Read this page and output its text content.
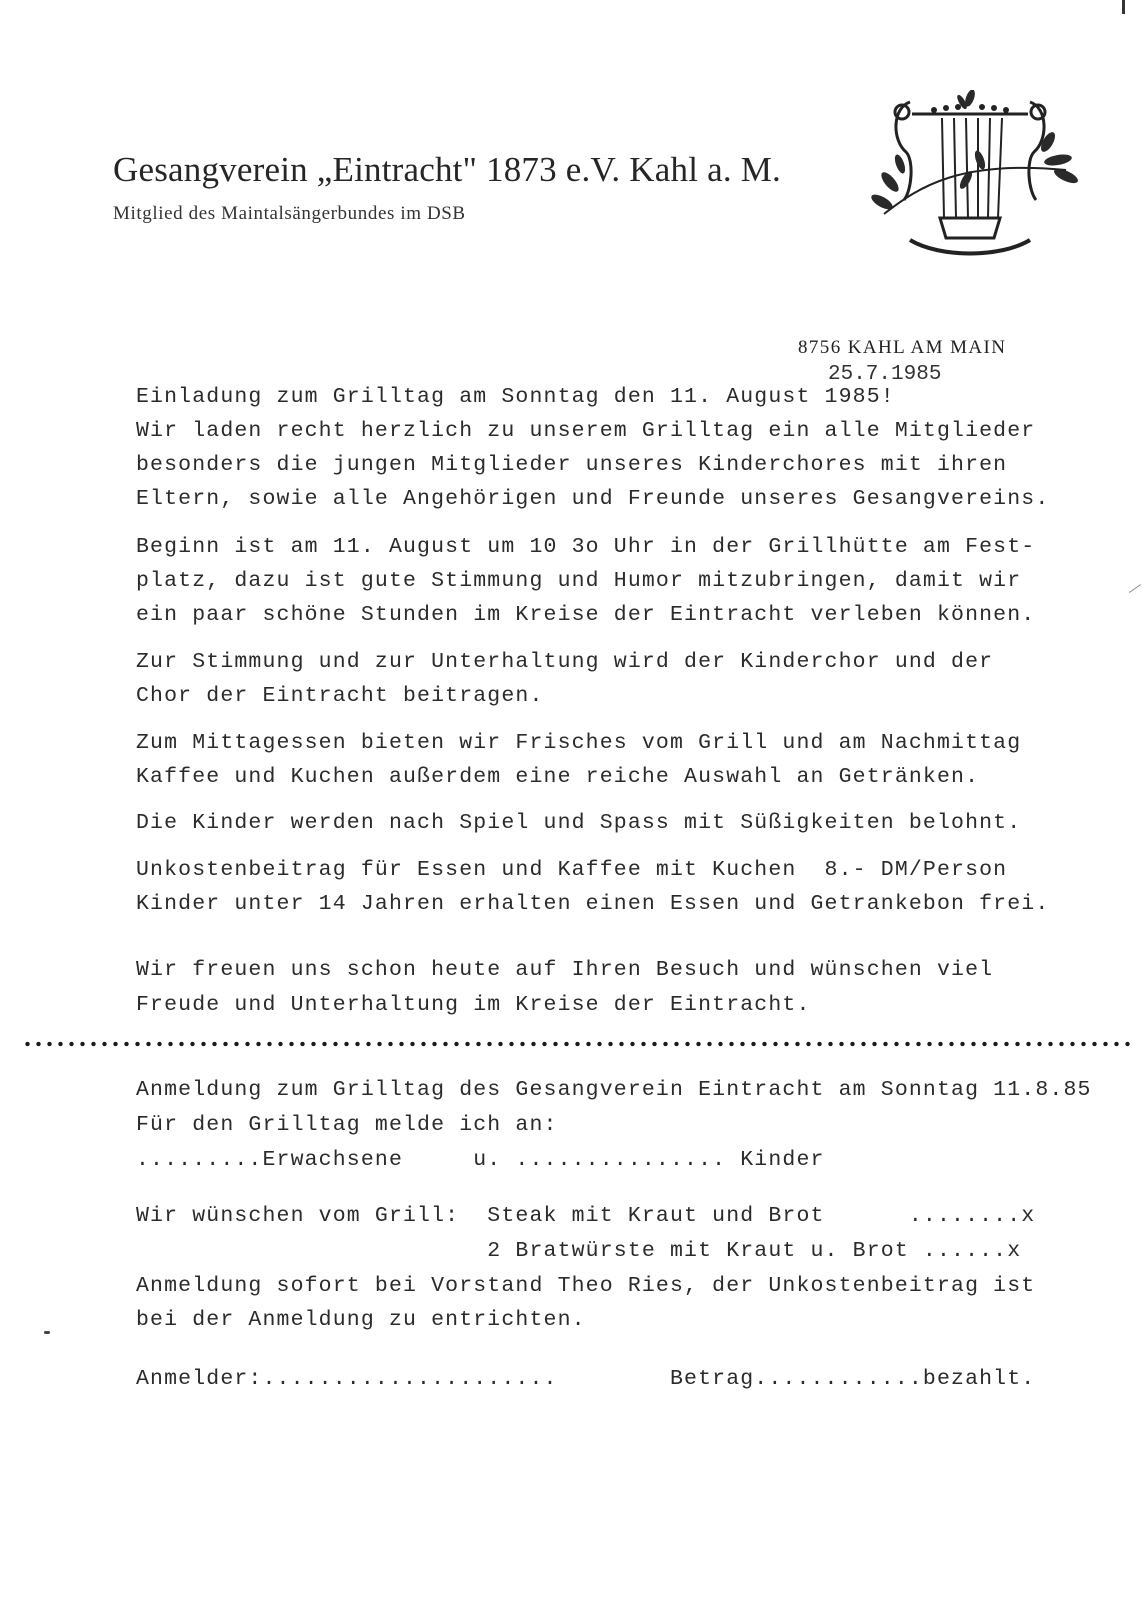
Gesangverein „Eintracht" 1873 e.V. Kahl a. M.
Mitglied des Maintalsängerbundes im DSB
8756 KAHL AM MAIN
25.7.1985
Einladung zum Grilltag am Sonntag den 11. August 1985!
Wir laden recht herzlich zu unserem Grilltag ein alle Mitglieder
besonders die jungen Mitglieder unseres Kinderchores mit ihren
Eltern, sowie alle Angehörigen und Freunde unseres Gesangvereins.
Beginn ist am 11. August um 10 3o Uhr in der Grillhütte am Fest-
platz, dazu ist gute Stimmung und Humor mitzubringen, damit wir
ein paar schöne Stunden im Kreise der Eintracht verleben können.
Zur Stimmung und zur Unterhaltung wird der Kinderchor und der
Chor der Eintracht beitragen.
Zum Mittagessen bieten wir Frisches vom Grill und am Nachmittag
Kaffee und Kuchen außerdem eine reiche Auswahl an Getränken.
Die Kinder werden nach Spiel und Spass mit Süßigkeiten belohnt.
Unkostenbeitrag für Essen und Kaffee mit Kuchen  8.- DM/Person
Kinder unter 14 Jahren erhalten einen Essen und Getrankebon frei.
Wir freuen uns schon heute auf Ihren Besuch und wünschen viel
Freude und Unterhaltung im Kreise der Eintracht.
Anmeldung zum Grilltag des Gesangverein Eintracht am Sonntag 11.8.85
Für den Grilltag melde ich an:
.........Erwachsene     u. ............... Kinder
Wir wünschen vom Grill:  Steak mit Kraut und Brot      ........x
2 Bratwürste mit Kraut u. Brot ......x
Anmeldung sofort bei Vorstand Theo Ries, der Unkostenbeitrag ist
bei der Anmeldung zu entrichten.
Anmelder:.....................        Betrag............bezahlt.
